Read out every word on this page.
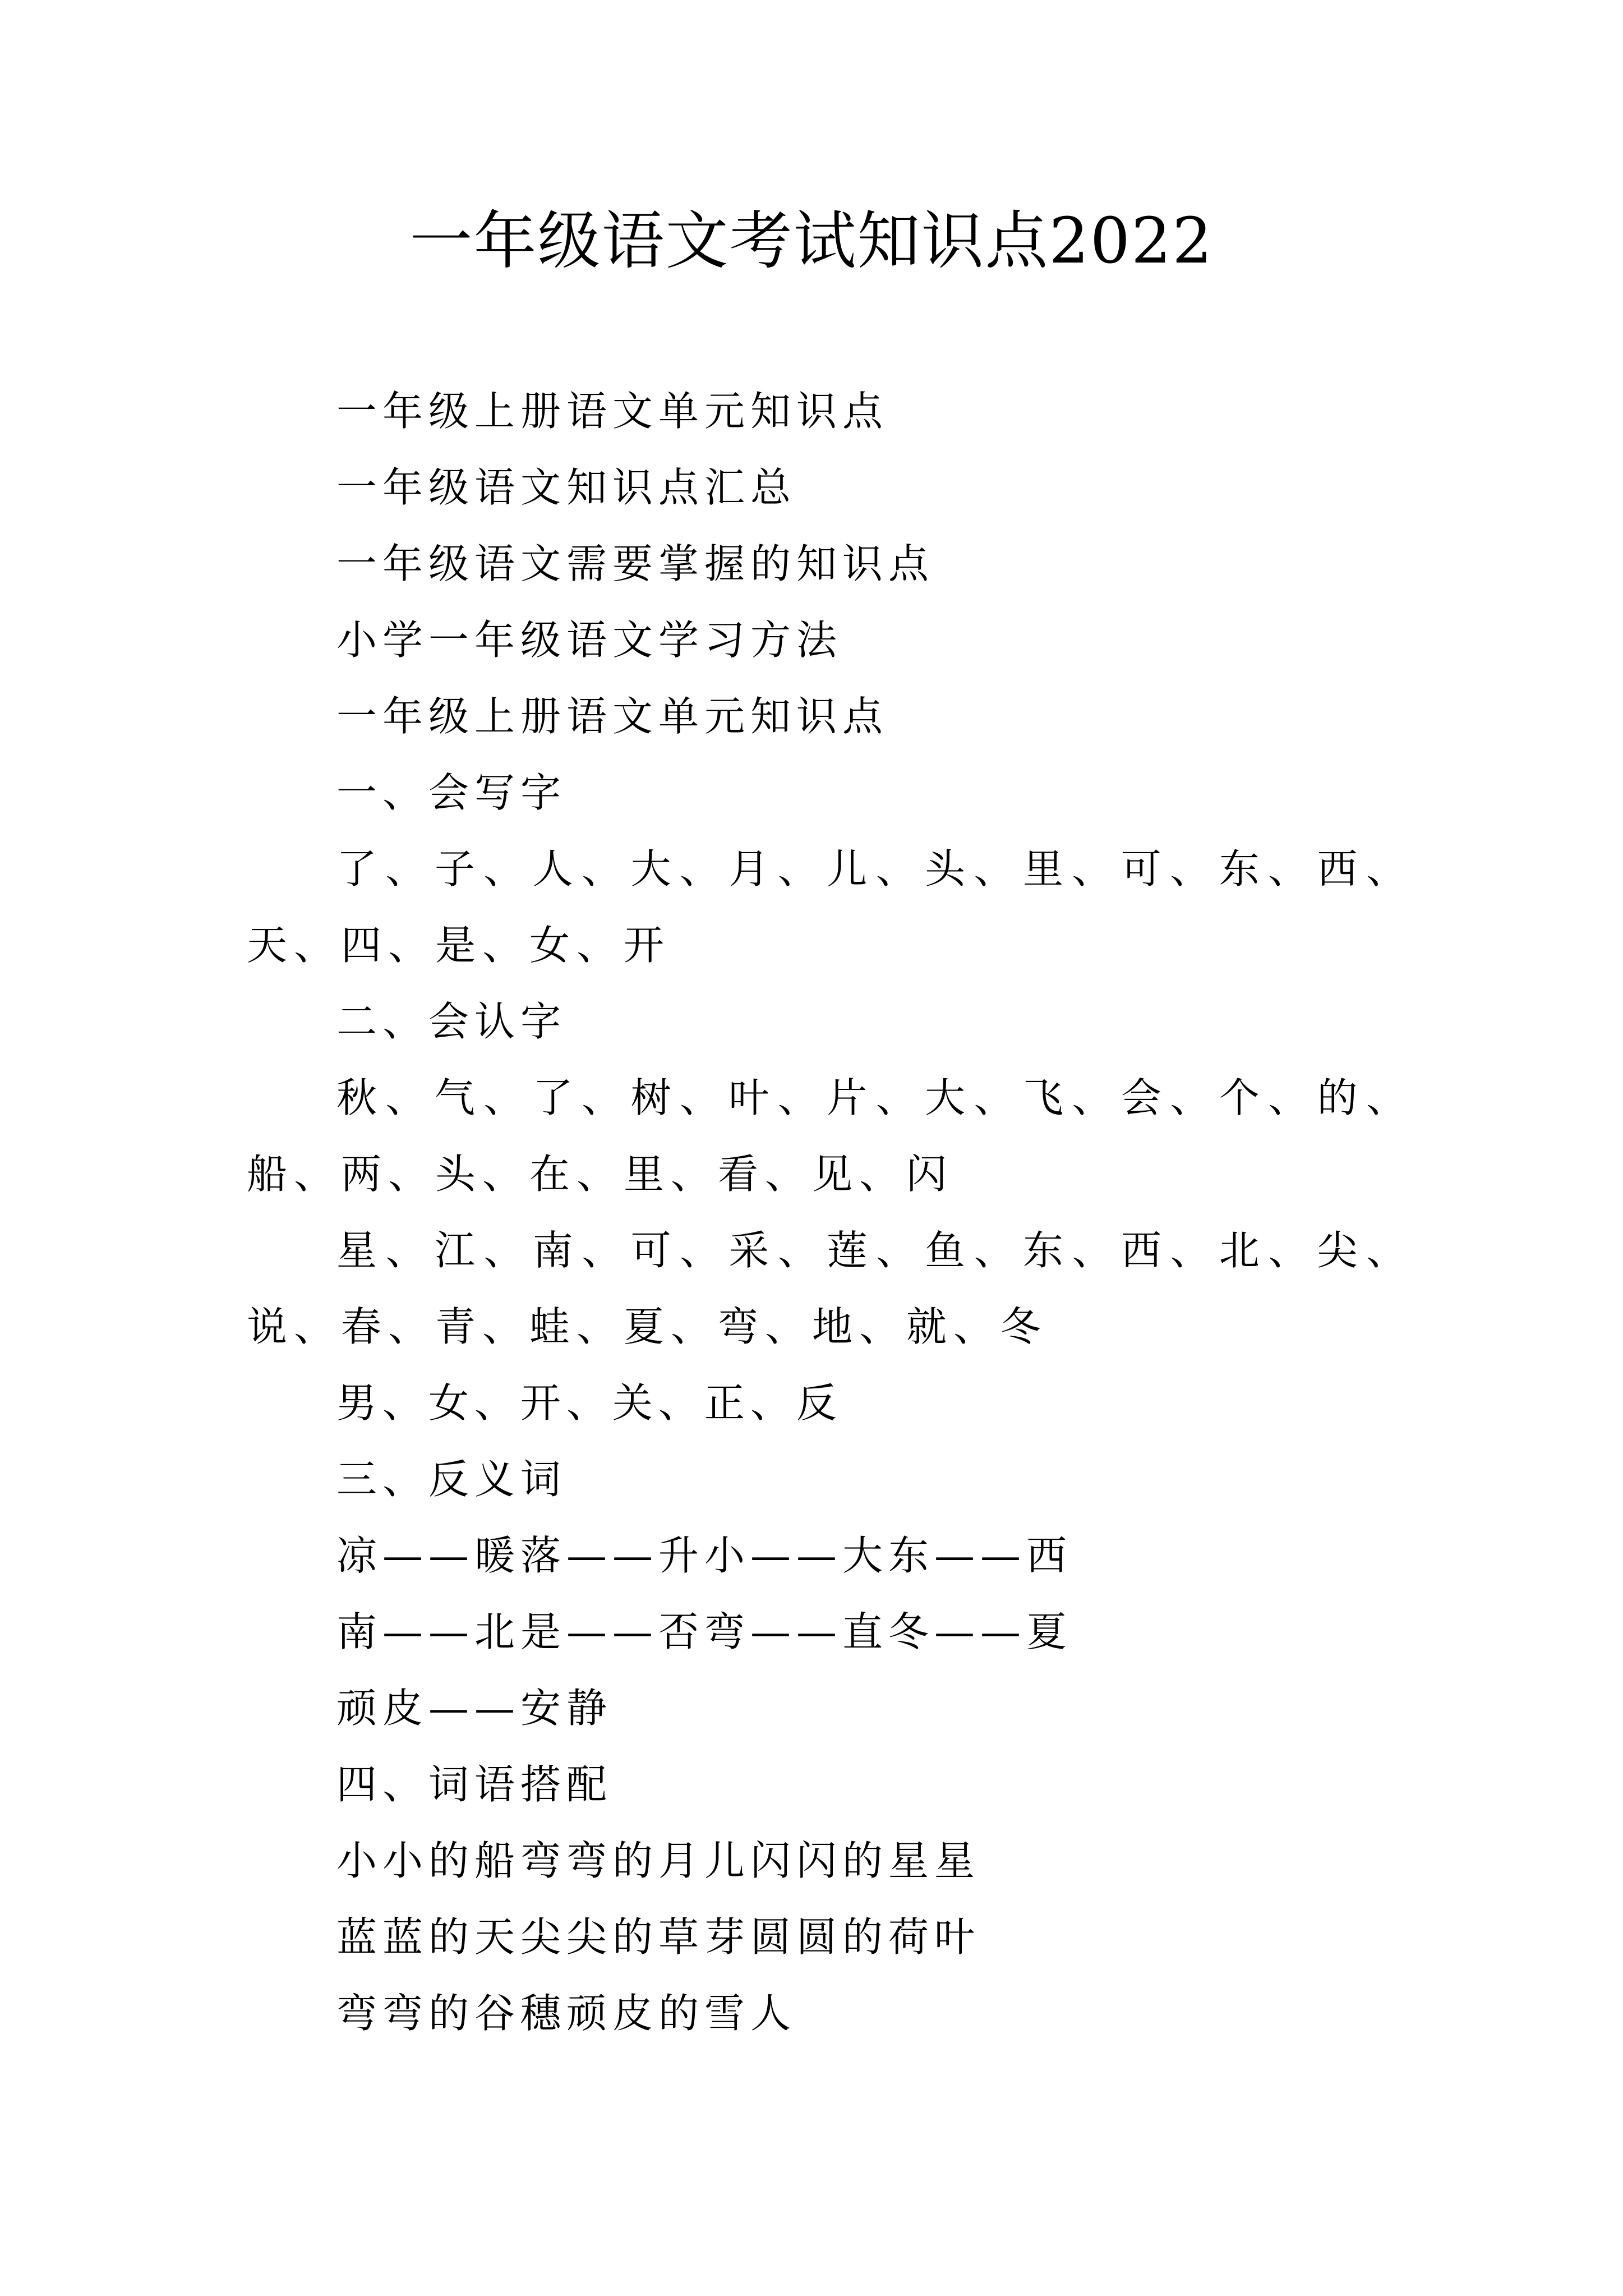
一年级语文考试知识点2022
一年级上册语文单元知识点
一年级语文知识点汇总
一年级语文需要掌握的知识点
小学一年级语文学习方法
一年级上册语文单元知识点
一、会写字
了、子、人、大、月、儿、头、里、可、东、西、天、四、是、女、开
二、会认字
秋、气、了、树、叶、片、大、飞、会、个、的、船、两、头、在、里、看、见、闪
星、江、南、可、采、莲、鱼、东、西、北、尖、说、春、青、蛙、夏、弯、地、就、冬
男、女、开、关、正、反
三、反义词
凉——暖落——升小——大东——西
南——北是——否弯——直冬——夏
顽皮——安静
四、词语搭配
小小的船弯弯的月儿闪闪的星星
蓝蓝的天尖尖的草芽圆圆的荷叶
弯弯的谷穗顽皮的雪人
